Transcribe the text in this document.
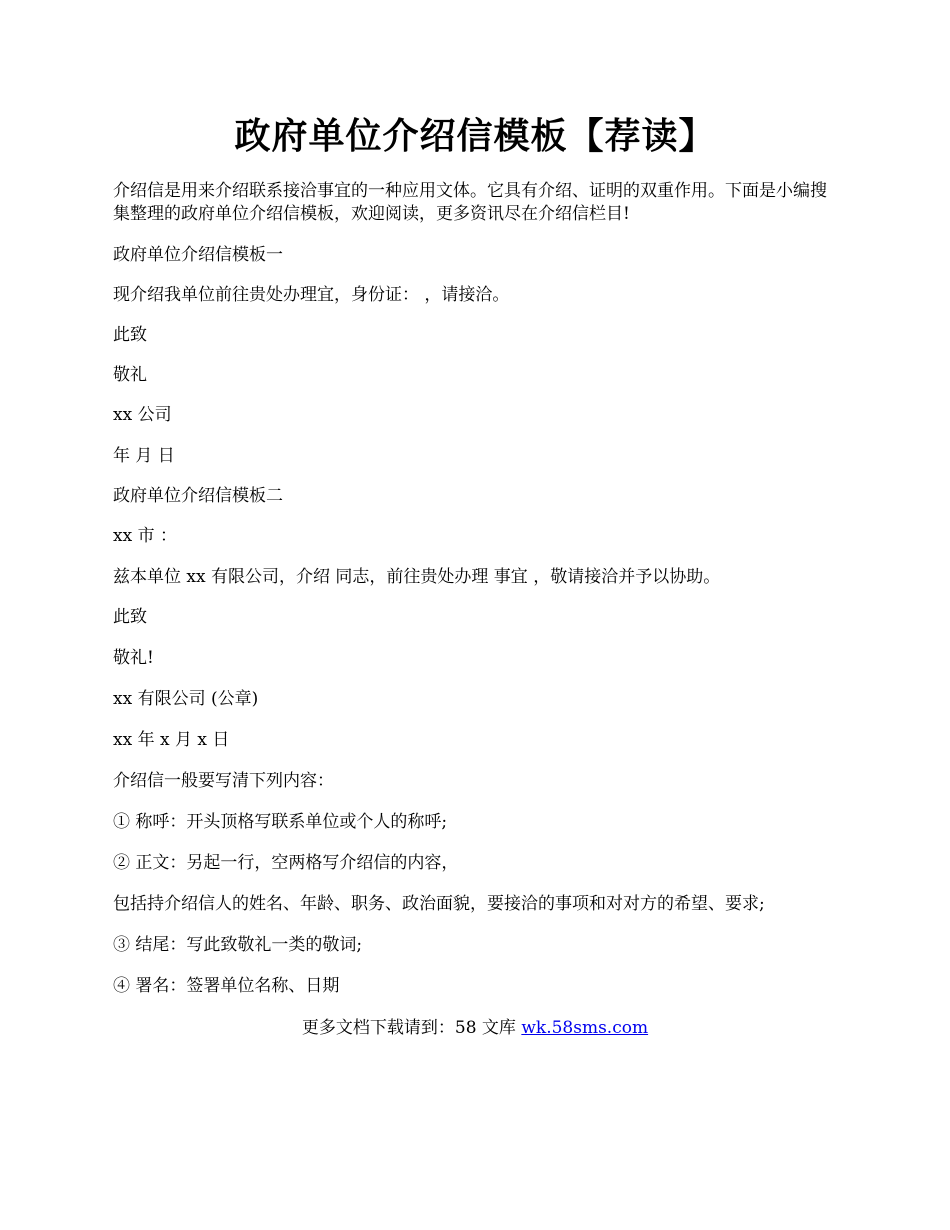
政府单位介绍信模板【荐读】

介绍信是用来介绍联系接洽事宜的一种应用文体。它具有介绍、证明的双重作用。下面是小编搜集整理的政府单位介绍信模板，欢迎阅读，更多资讯尽在介绍信栏目!

政府单位介绍信模板一

现介绍我单位前往贵处办理宜，身份证： ，请接洽。

此致

敬礼

xx 公司

年 月 日

政府单位介绍信模板二

xx 市 ：

兹本单位 xx 有限公司，介绍 同志，前往贵处办理 事宜 ，敬请接洽并予以协助。

此致

敬礼!

xx 有限公司 (公章)

xx 年 x 月 x 日

介绍信一般要写清下列内容：

① 称呼：开头顶格写联系单位或个人的称呼;

② 正文：另起一行，空两格写介绍信的内容，

包括持介绍信人的姓名、年龄、职务、政治面貌，要接洽的事项和对对方的希望、要求;

③ 结尾：写此致敬礼一类的敬词;

④ 署名：签署单位名称、日期

更多文档下载请到：58 文库 wk.58sms.com
